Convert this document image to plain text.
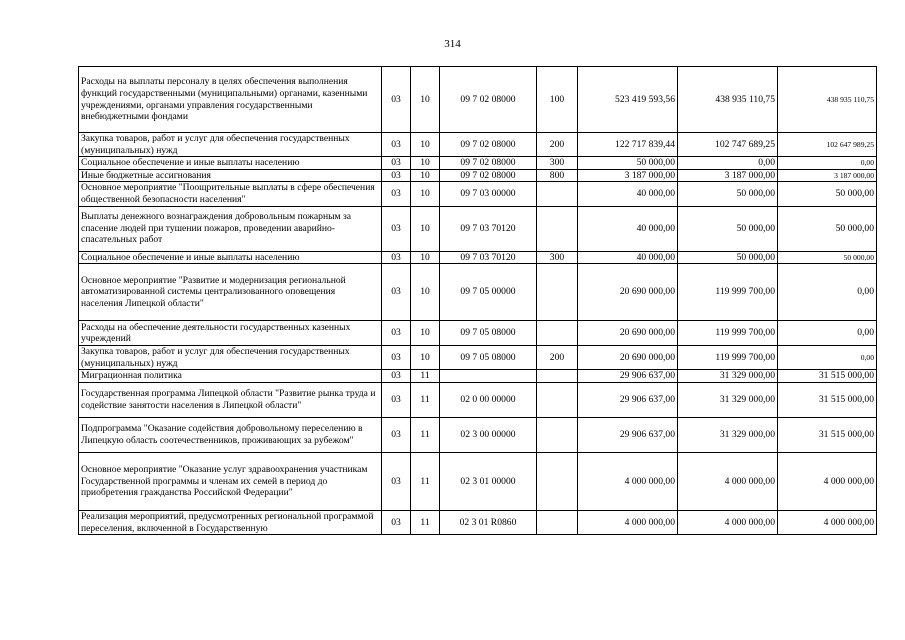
314
Расходы на выплаты персоналу в целях обеспечения выполнения функций государственными (муниципальными) органами, казенными учреждениями, органами управления государственными внебюджетными фондами	03	10	09 7 02 08000	100	523 419 593,56	438 935 110,75	438 935 110,75
Закупка товаров, работ и услуг для обеспечения государственных (муниципальных) нужд	03	10	09 7 02 08000	200	122 717 839,44	102 747 689,25	102 647 989,25
Социальное обеспечение и иные выплаты населению	03	10	09 7 02 08000	300	50 000,00	0,00	0,00
Иные бюджетные ассигнования	03	10	09 7 02 08000	800	3 187 000,00	3 187 000,00	3 187 000,00
Основное мероприятие "Поощрительные выплаты в сфере обеспечения общественной безопасности населения"	03	10	09 7 03 00000		40 000,00	50 000,00	50 000,00
Выплаты денежного вознаграждения добровольным пожарным за спасение людей при тушении пожаров, проведении аварийно-спасательных работ	03	10	09 7 03 70120		40 000,00	50 000,00	50 000,00
Социальное обеспечение и иные выплаты населению	03	10	09 7 03 70120	300	40 000,00	50 000,00	50 000,00
Основное мероприятие "Развитие и модернизация региональной автоматизированной системы централизованного оповещения населения Липецкой области"	03	10	09 7 05 00000		20 690 000,00	119 999 700,00	0,00
Расходы на обеспечение деятельности государственных казенных учреждений	03	10	09 7 05 08000		20 690 000,00	119 999 700,00	0,00
Закупка товаров, работ и услуг для обеспечения государственных (муниципальных) нужд	03	10	09 7 05 08000	200	20 690 000,00	119 999 700,00	0,00
Миграционная политика	03	11			29 906 637,00	31 329 000,00	31 515 000,00
Государственная программа Липецкой области "Развитие рынка труда и содействие занятости населения в Липецкой области"	03	11	02 0 00 00000		29 906 637,00	31 329 000,00	31 515 000,00
Подпрограмма "Оказание содействия добровольному переселению в Липецкую область соотечественников, проживающих за рубежом"	03	11	02 3 00 00000		29 906 637,00	31 329 000,00	31 515 000,00
Основное мероприятие "Оказание услуг здравоохранения участникам Государственной программы и членам их семей в период до приобретения гражданства Российской Федерации"	03	11	02 3 01 00000		4 000 000,00	4 000 000,00	4 000 000,00
Реализация мероприятий, предусмотренных региональной программой переселения, включенной в Государственную	03	11	02 3 01 R0860		4 000 000,00	4 000 000,00	4 000 000,00
